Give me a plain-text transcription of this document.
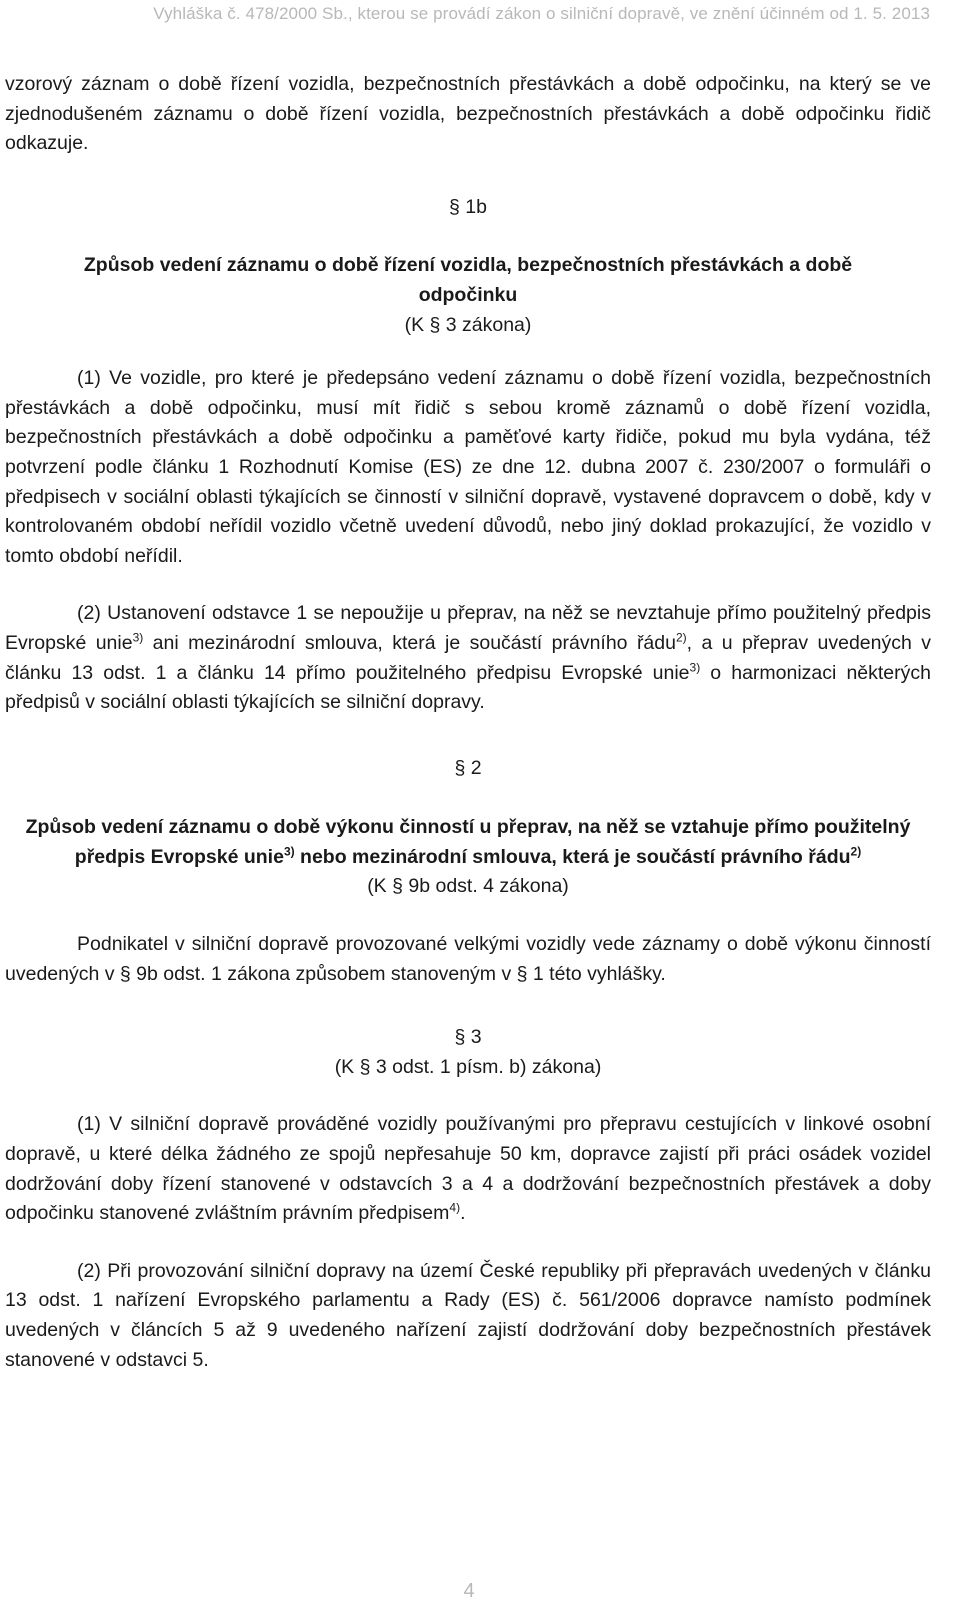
Vyhláška č. 478/2000 Sb., kterou se provádí zákon o silniční dopravě, ve znění účinném od 1. 5. 2013

vzorový záznam o době řízení vozidla, bezpečnostních přestávkách a době odpočinku, na který se ve zjednodušeném záznamu o době řízení vozidla, bezpečnostních přestávkách a době odpočinku řidič odkazuje.

§ 1b
Způsob vedení záznamu o době řízení vozidla, bezpečnostních přestávkách a době odpočinku
(K § 3 zákona)

(1) Ve vozidle, pro které je předepsáno vedení záznamu o době řízení vozidla, bezpečnostních přestávkách a době odpočinku, musí mít řidič s sebou kromě záznamů o době řízení vozidla, bezpečnostních přestávkách a době odpočinku a paměťové karty řidiče, pokud mu byla vydána, též potvrzení podle článku 1 Rozhodnutí Komise (ES) ze dne 12. dubna 2007 č. 230/2007 o formuláři o předpisech v sociální oblasti týkajících se činností v silniční dopravě, vystavené dopravcem o době, kdy v kontrolovaném období neřídil vozidlo včetně uvedení důvodů, nebo jiný doklad prokazující, že vozidlo v tomto období neřídil.

(2) Ustanovení odstavce 1 se nepoužije u přeprav, na něž se nevztahuje přímo použitelný předpis Evropské unie$^{3)}$ ani mezinárodní smlouva, která je součástí právního řádu$^{2)}$, a u přeprav uvedených v článku 13 odst. 1 a článku 14 přímo použitelného předpisu Evropské unie$^{3)}$ o harmonizaci některých předpisů v sociální oblasti týkajících se silniční dopravy.

§ 2
Způsob vedení záznamu o době výkonu činností u přeprav, na něž se vztahuje přímo použitelný předpis Evropské unie$^{3)}$ nebo mezinárodní smlouva, která je součástí právního řádu$^{2)}$
(K § 9b odst. 4 zákona)

Podnikatel v silniční dopravě provozované velkými vozidly vede záznamy o době výkonu činností uvedených v § 9b odst. 1 zákona způsobem stanoveným v § 1 této vyhlášky.

§ 3
(K § 3 odst. 1 písm. b) zákona)

(1) V silniční dopravě prováděné vozidly používanými pro přepravu cestujících v linkové osobní dopravě, u které délka žádného ze spojů nepřesahuje 50 km, dopravce zajistí při práci osádek vozidel dodržování doby řízení stanovené v odstavcích 3 a 4 a dodržování bezpečnostních přestávek a doby odpočinku stanovené zvláštním právním předpisem$^{4)}$.

(2) Při provozování silniční dopravy na území České republiky při přepravách uvedených v článku 13 odst. 1 nařízení Evropského parlamentu a Rady (ES) č. 561/2006 dopravce namísto podmínek uvedených v článcích 5 až 9 uvedeného nařízení zajistí dodržování doby bezpečnostních přestávek stanovené v odstavci 5.

4
